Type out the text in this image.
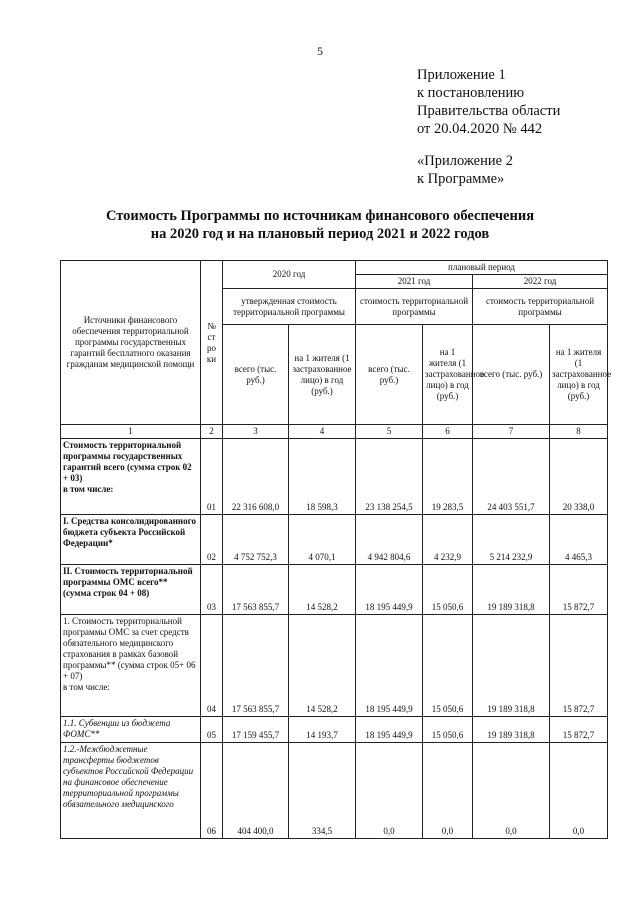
5
Приложение 1
к постановлению
Правительства области
от 20.04.2020 № 442
«Приложение 2
к Программе»
Стоимость Программы по источникам финансового обеспечения
на 2020 год и на плановый период 2021 и 2022 годов
Источники финансового обеспечения территориальной программы государственных гарантий бесплатного оказания гражданам медицинской помощи	№ ст ро ки	2020 год		плановый период			
				2021 год		2022 год	
		утвержденная стоимость территориальной программы		стоимость территориальной программы		стоимость территориальной программы	
		всего (тыс. руб.)	на 1 жителя (1 застрахованное лицо) в год (руб.)	всего (тыс. руб.)	на 1 жителя (1 застрахованное лицо) в год (руб.)	всего (тыс. руб.)	на 1 жителя (1 застрахованное лицо) в год (руб.)
1	2	3	4	5	6	7	8
Стоимость территориальной программы государственных гарантий всего (сумма строк 02 + 03)
в том числе:	01	22 316 608,0	18 598,3	23 138 254,5	19 283,5	24 403 551,7	20 338,0
I. Средства консолидированного бюджета субъекта Российской Федерации*	02	4 752 752,3	4 070,1	4 942 804,6	4 232,9	5 214 232,9	4 465,3
II. Стоимость территориальной программы ОМС всего**
(сумма строк 04 + 08)	03	17 563 855,7	14 528,2	18 195 449,9	15 050,6	19 189 318,8	15 872,7
1. Стоимость территориальной программы ОМС за счет средств обязательного медицинского страхования в рамках базовой программы** (сумма строк 05+ 06 + 07)
в том числе:	04	17 563 855,7	14 528,2	18 195 449,9	15 050,6	19 189 318,8	15 872,7
1.1. Субвенции из бюджета ФОМС**	05	17 159 455,7	14 193,7	18 195 449,9	15 050,6	19 189 318,8	15 872,7
1.2.-Межбюджетные трансферты бюджетов субъектов Российской Федерации на финансовое обеспечение территориальной программы обязательного медицинского	06	404 400,0	334,5	0,0	0,0	0,0	0,0
